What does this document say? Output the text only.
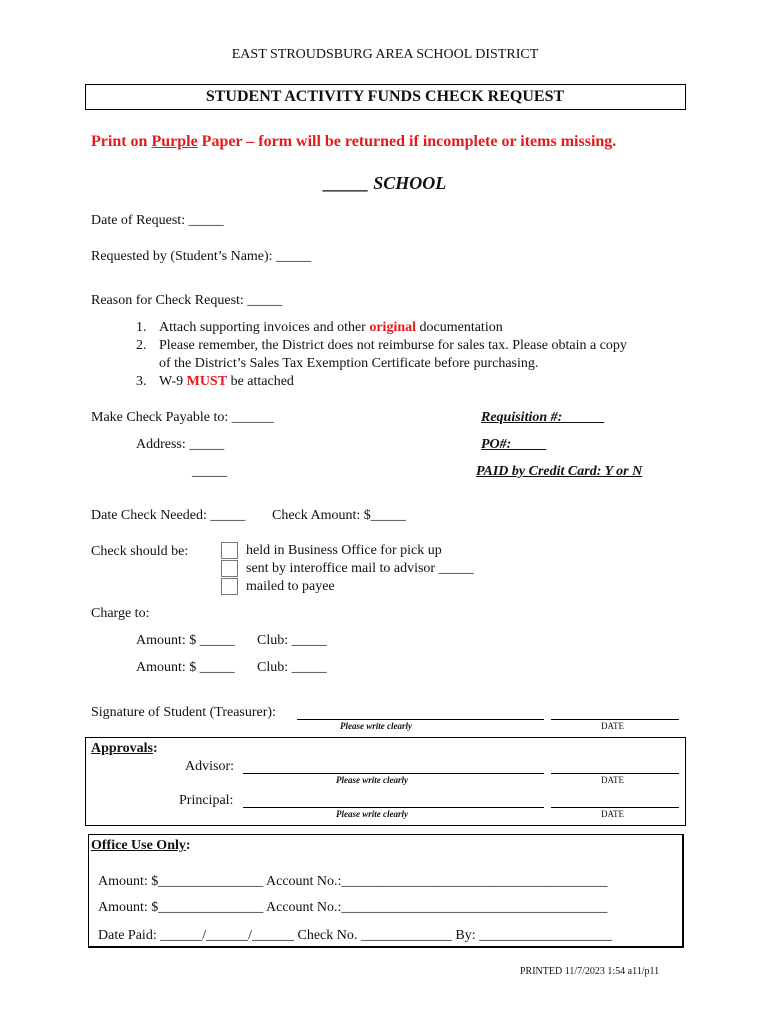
EAST STROUDSBURG AREA SCHOOL DISTRICT
STUDENT ACTIVITY FUNDS CHECK REQUEST
Print on Purple Paper – form will be returned if incomplete or items missing.
_____ SCHOOL
Date of Request: _____
Requested by (Student’s Name): _____
Reason for Check Request: _____
1. Attach supporting invoices and other original documentation
2. Please remember, the District does not reimburse for sales tax. Please obtain a copy
of the District’s Sales Tax Exemption Certificate before purchasing.
3. W-9 MUST be attached
Make Check Payable to: ______
Address: _____
_____
Requisition #:______
PO#:_____
PAID by Credit Card: Y or N
Date Check Needed: _____ Check Amount: $_____
Check should be:	held in Business Office for pick up
sent by interoffice mail to advisor _____
mailed to payee
Charge to:
Amount: $ _____ Club: _____
Amount: $ _____ Club: _____
Signature of Student (Treasurer):
Please write clearly	DATE
Approvals:
Advisor:
Please write clearly	DATE
Principal:
Please write clearly	DATE
Office Use Only:
Amount: $_______________ Account No.:______________________________________
Amount: $_______________ Account No.:______________________________________
Date Paid: ______/______/______ Check No. _____________ By: ___________________
PRINTED 11/7/2023 1:54 a11/p11
